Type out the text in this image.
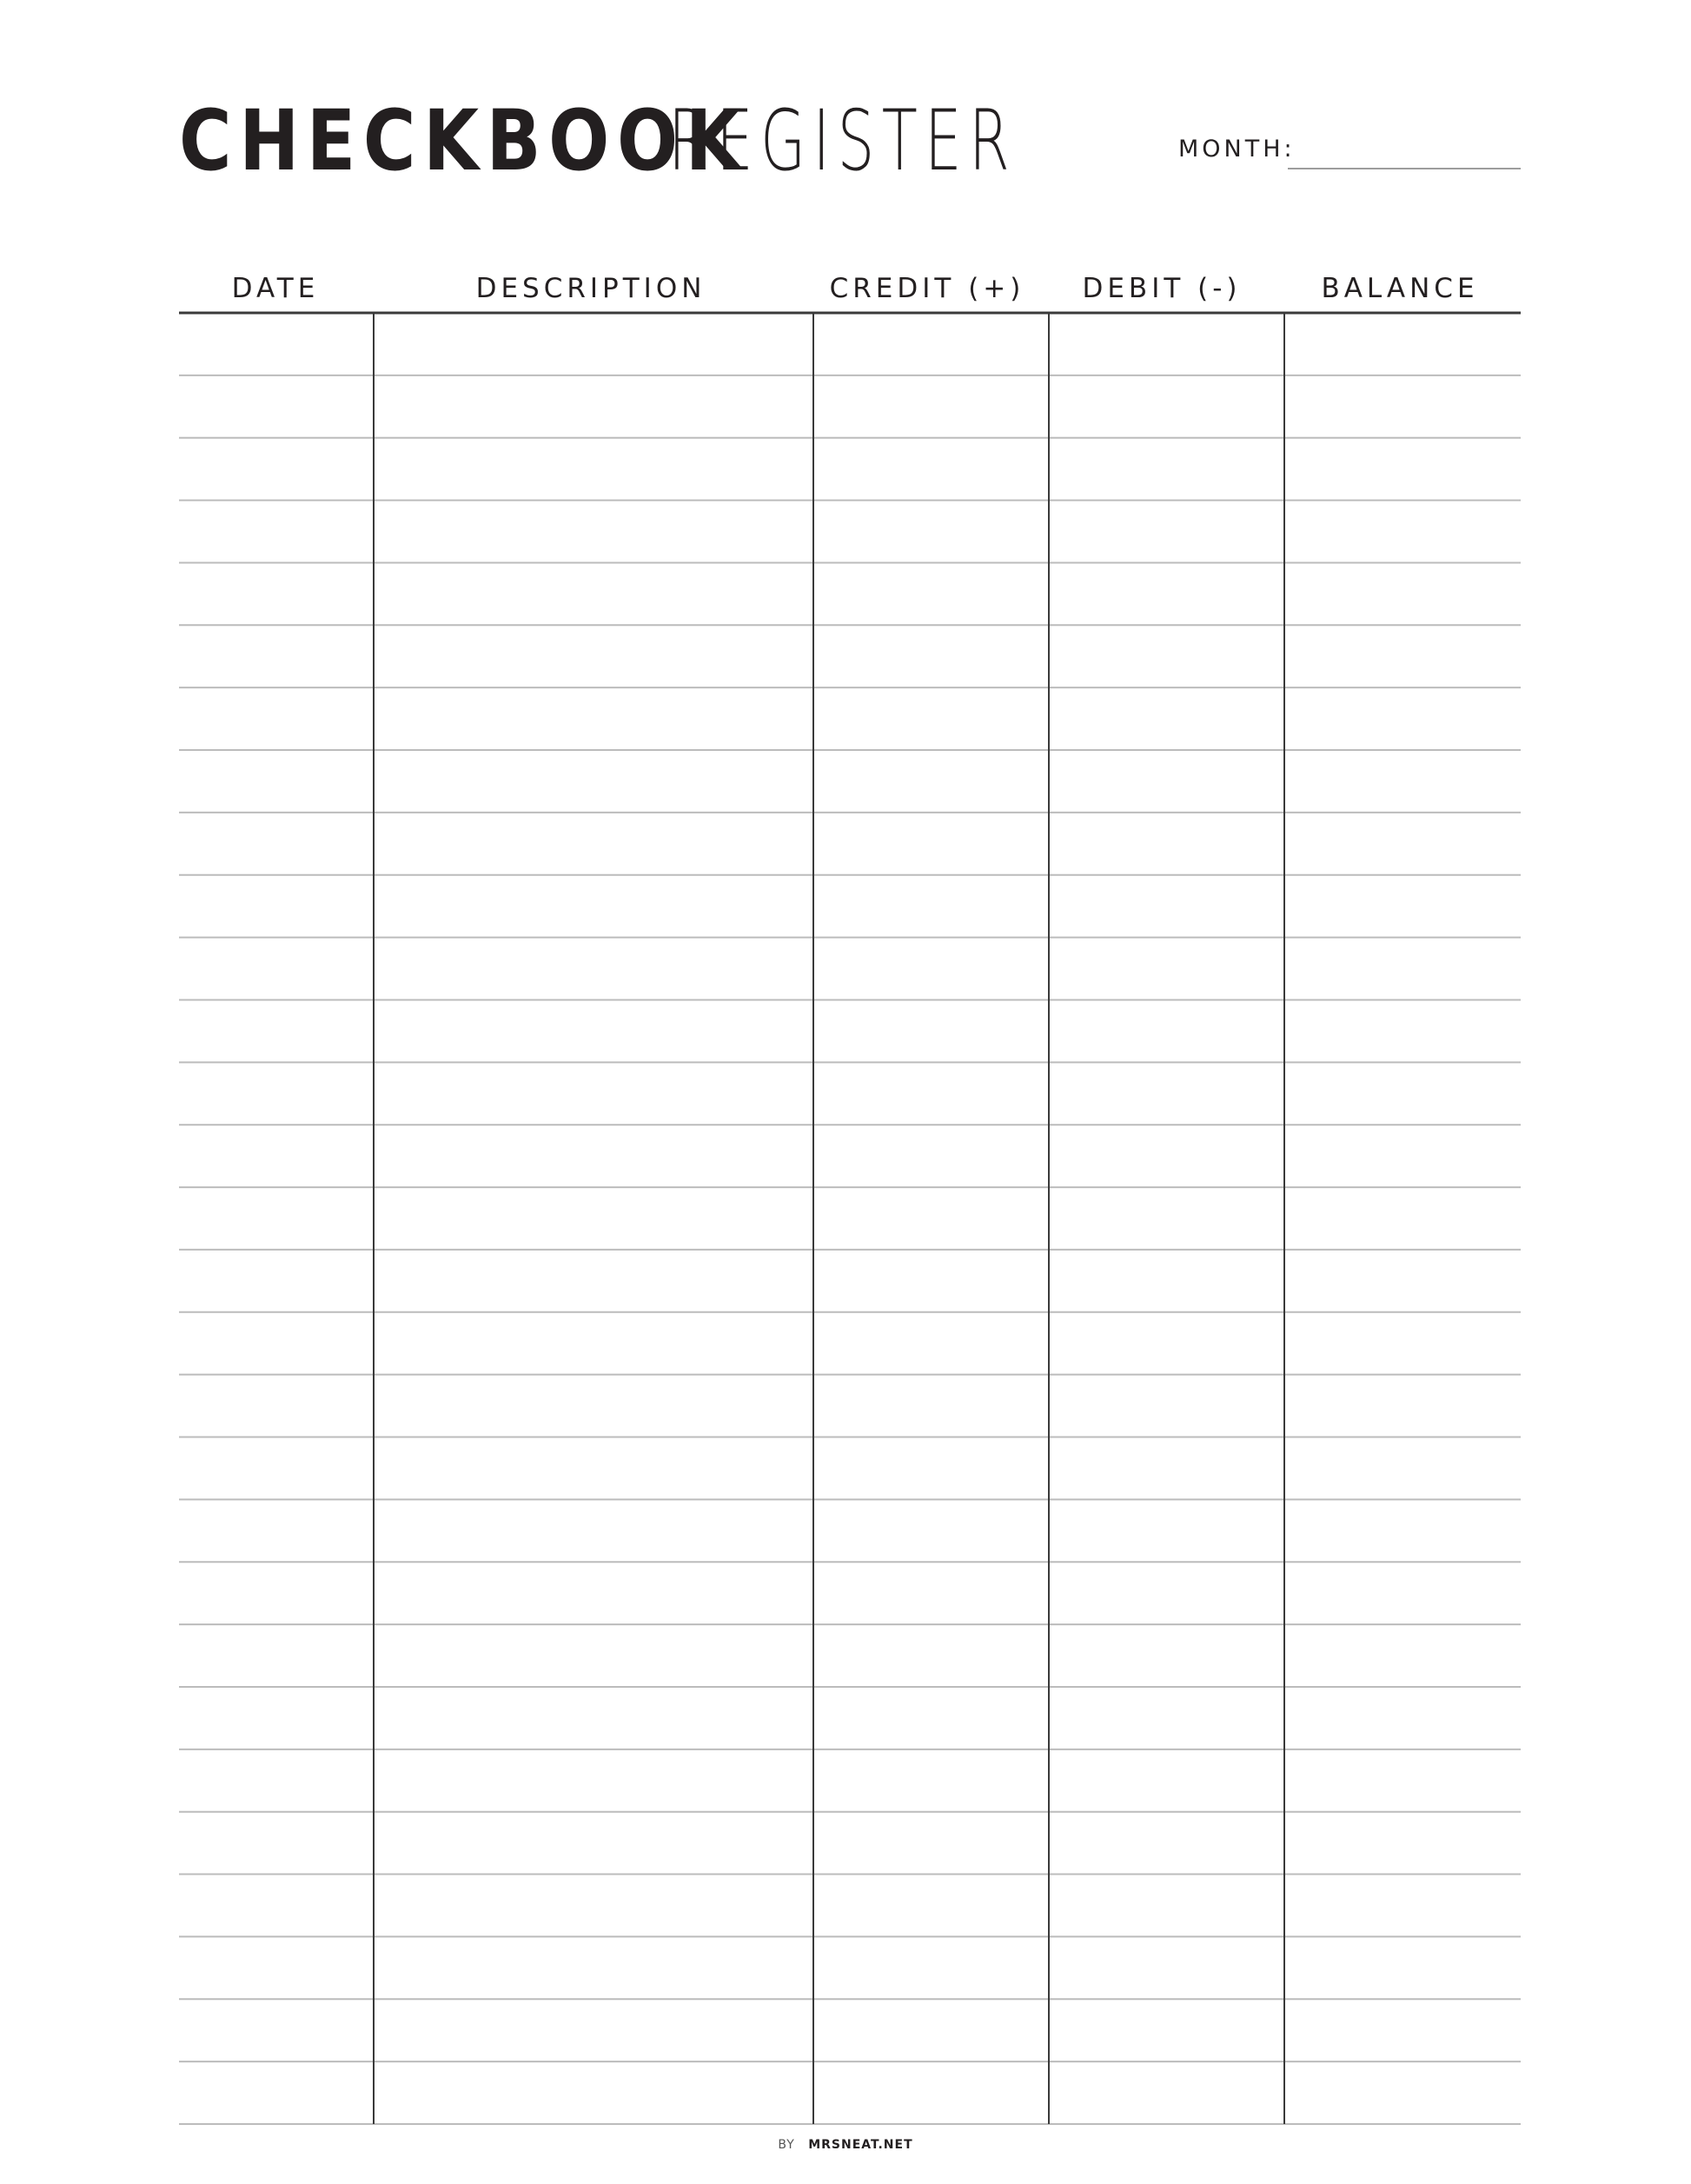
CHECKBOOK
REGISTER	MONTH:
DATE	DESCRIPTION	CREDIT (+)	DEBIT (-)	BALANCE
BY MRSNEAT.NET
